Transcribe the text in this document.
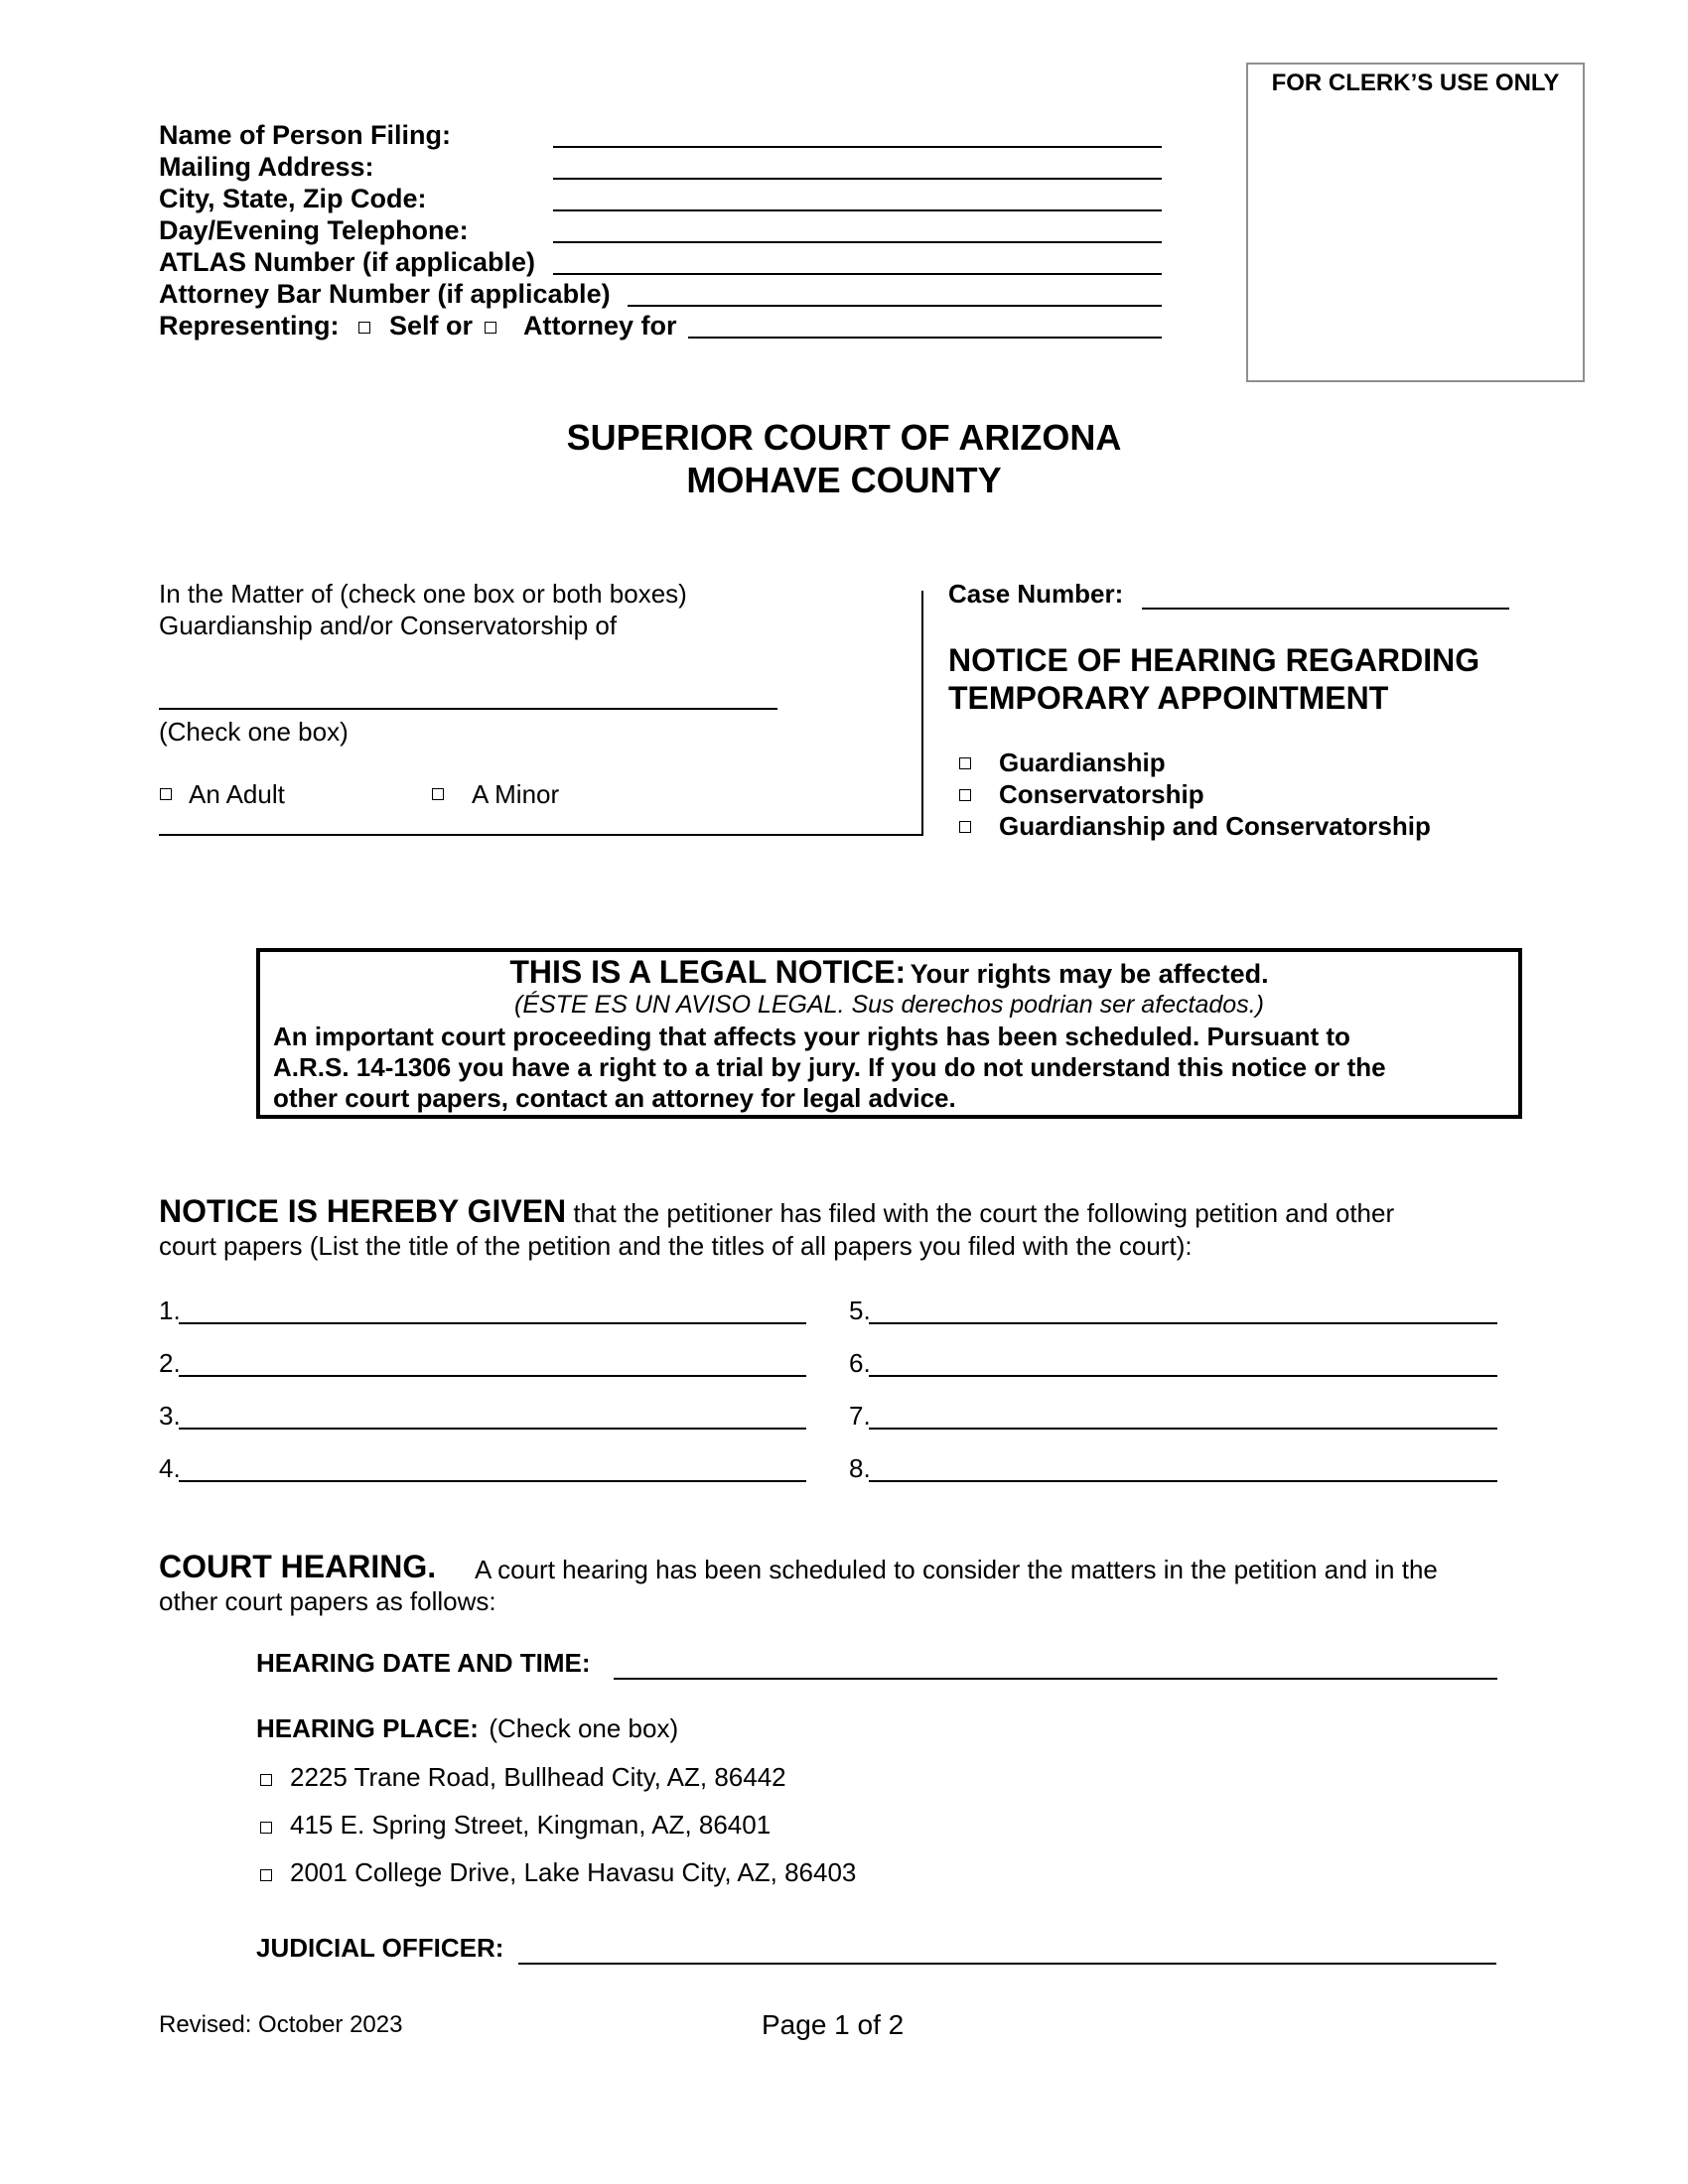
Name of Person Filing:
Mailing Address:
City, State, Zip Code:
Day/Evening Telephone:
ATLAS Number (if applicable)
Attorney Bar Number (if applicable)
Representing: Self or Attorney for
FOR CLERK’S USE ONLY
SUPERIOR COURT OF ARIZONA
MOHAVE COUNTY
In the Matter of (check one box or both boxes)
Guardianship and/or Conservatorship of
(Check one box)
An Adult	A Minor
Case Number:
NOTICE OF HEARING REGARDING
TEMPORARY APPOINTMENT
Guardianship
Conservatorship
Guardianship and Conservatorship
THIS IS A LEGAL NOTICE: Your rights may be affected.
(ÉSTE ES UN AVISO LEGAL. Sus derechos podrian ser afectados.)
An important court proceeding that affects your rights has been scheduled. Pursuant to
A.R.S. 14-1306 you have a right to a trial by jury. If you do not understand this notice or the
other court papers, contact an attorney for legal advice.
NOTICE IS HEREBY GIVEN that the petitioner has filed with the court the following petition and other
court papers (List the title of the petition and the titles of all papers you filed with the court):
1.
2.
3.
4.
5.
6.
7.
8.
COURT HEARING. A court hearing has been scheduled to consider the matters in the petition and in the
other court papers as follows:
HEARING DATE AND TIME:
HEARING PLACE: (Check one box)
2225 Trane Road, Bullhead City, AZ, 86442
415 E. Spring Street, Kingman, AZ, 86401
2001 College Drive, Lake Havasu City, AZ, 86403
JUDICIAL OFFICER:
Revised: October 2023	Page 1 of 2
